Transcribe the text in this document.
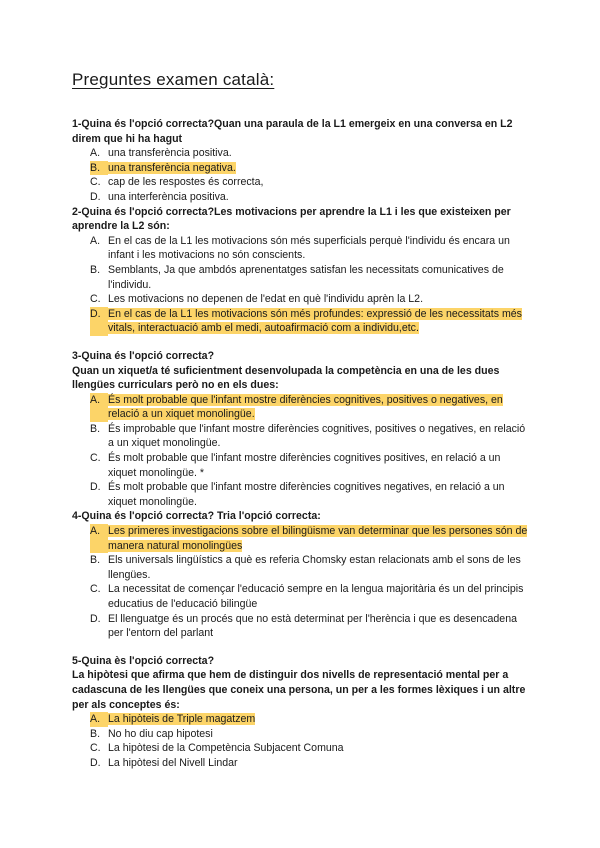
Preguntes examen català:
1-Quina és l'opció correcta?Quan una paraula de la L1 emergeix en una conversa en L2 direm que hi ha hagut
A. una transferència positiva.
B. una transferència negativa.
C. cap de les respostes és correcta,
D. una interferència positiva.
2-Quina és l'opció correcta?Les motivacions per aprendre la L1 i les que existeixen per aprendre la L2 són:
A. En el cas de la L1 les motivacions són més superficials perquè l'individu és encara un infant i les motivacions no són conscients.
B. Semblants, Ja que ambdós aprenentatges satisfan les necessitats comunicatives de l'individu.
C. Les motivacions no depenen de l'edat en què l'individu aprèn la L2.
D. En el cas de la L1 les motivacions són més profundes: expressió de les necessitats més vitals, interactuació amb el medi, autoafirmació com a individu,etc.
3-Quina és l'opció correcta?
Quan un xiquet/a té suficientment desenvolupada la competència en una de les dues llengües curriculars però no en els dues:
A. És molt probable que l'infant mostre diferències cognitives, positives o negatives, en relació a un xiquet monolingüe.
B. És improbable que l'infant mostre diferències cognitives, positives o negatives, en relació a un xiquet monolingüe.
C. És molt probable que l'infant mostre diferències cognitives positives, en relació a un xiquet monolingüe. *
D. És molt probable que l'infant mostre diferències cognitives negatives, en relació a un xiquet monolingüe.
4-Quina és l'opció correcta? Tria l'opció correcta:
A. Les primeres investigacions sobre el bilingüisme van determinar que les persones són de manera natural monolingües
B. Els universals lingüístics a què es referia Chomsky estan relacionats amb el sons de les llengües.
C. La necessitat de començar l'educació sempre en la lengua majoritària és un del principis educatius de l'educació bilingüe
D. El llenguatge és un procés que no està determinat per l'herència i que es desencadena per l'entorn del parlant
5-Quina ès l'opció correcta?
La hipòtesi que afirma que hem de distinguir dos nivells de representació mental per a cadascuna de les llengües que coneix una persona, un per a les formes lèxiques i un altre per als conceptes és:
A. La hipòteis de Triple magatzem
B. No ho diu cap hipotesi
C. La hipòtesi de la Competència Subjacent Comuna
D. La hipòtesi del Nivell Lindar
